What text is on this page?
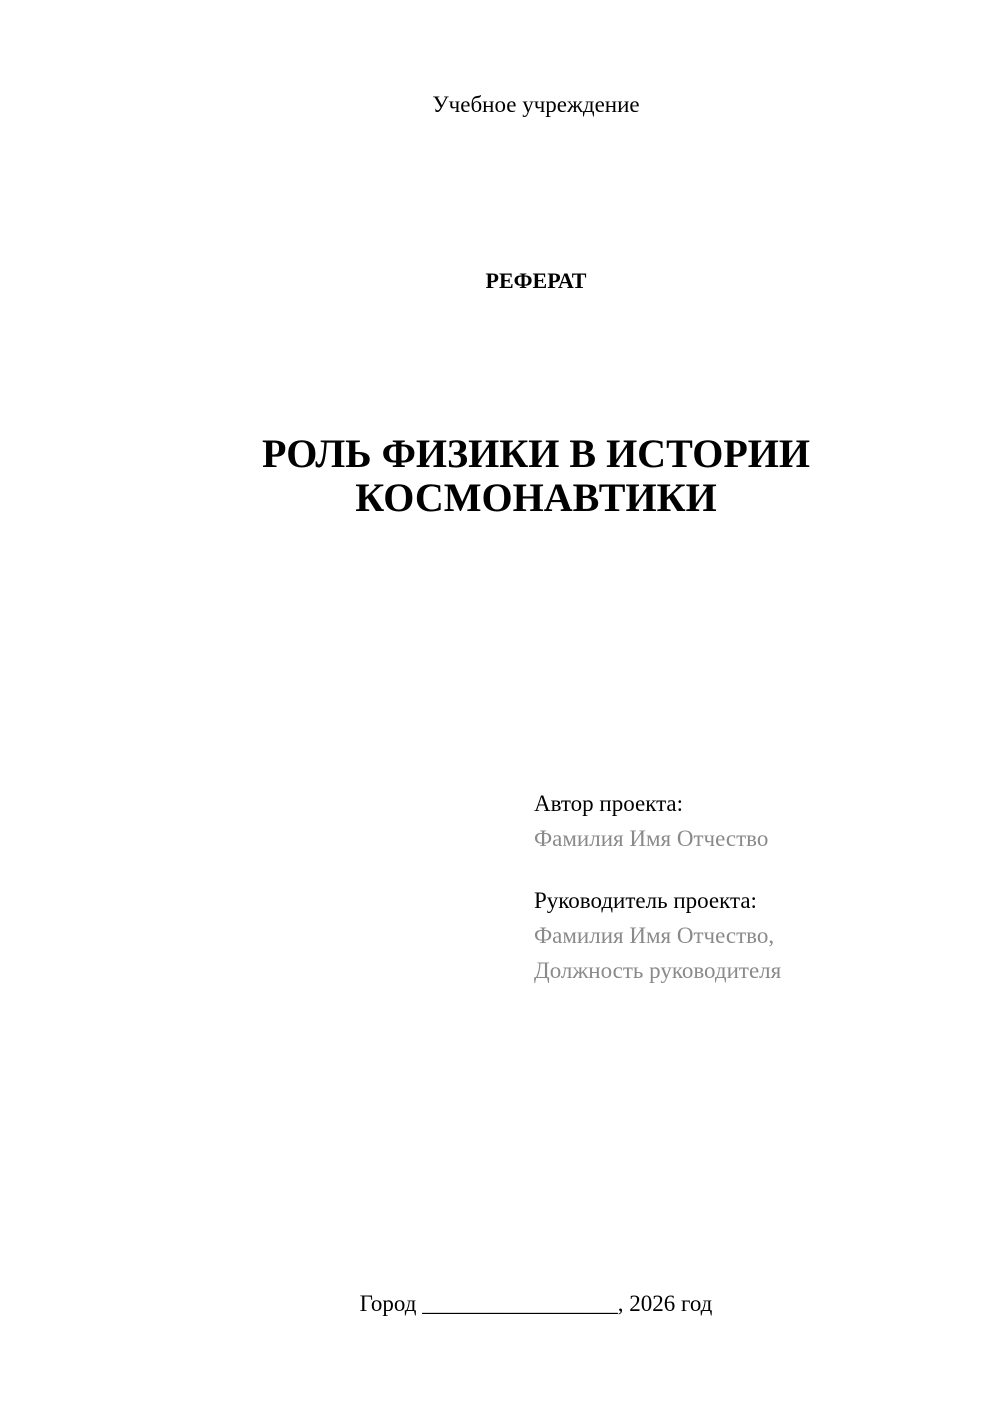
Учебное учреждение
РЕФЕРАТ
РОЛЬ ФИЗИКИ В ИСТОРИИ
КОСМОНАВТИКИ
Автор проекта:
Фамилия Имя Отчество
Руководитель проекта:
Фамилия Имя Отчество,
Должность руководителя
Город _________________, 2026 год
